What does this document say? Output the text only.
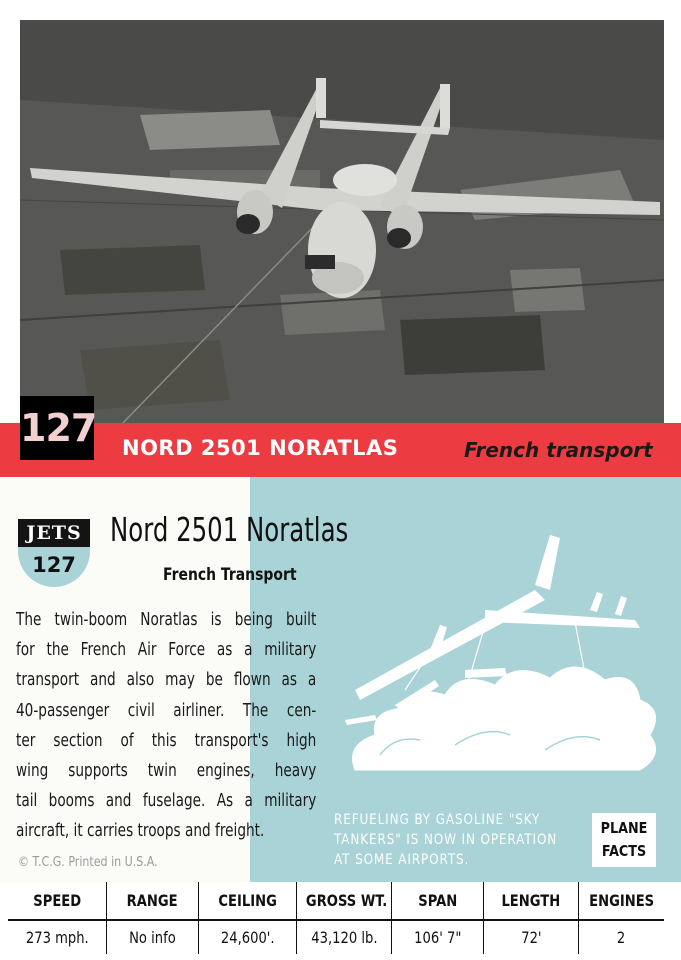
127 NORD 2501 NORATLAS	French transport
JETS
127
Nord 2501 Noratlas
French Transport
The twin-boom Noratlas is being built
for the French Air Force as a military
transport and also may be flown as a
40-passenger civil airliner. The cen-
ter section of this transport's high
wing supports twin engines, heavy
tail booms and fuselage. As a military
aircraft, it carries troops and freight.
© T.C.G. Printed in U.S.A.
REFUELING BY GASOLINE "SKY
TANKERS" IS NOW IN OPERATION
AT SOME AIRPORTS.
PLANE
FACTS
SPEED	RANGE	CEILING	GROSS WT.	SPAN	LENGTH	ENGINES
273 mph.	No info	24,600'.	43,120 lb.	106' 7"	72'	2
